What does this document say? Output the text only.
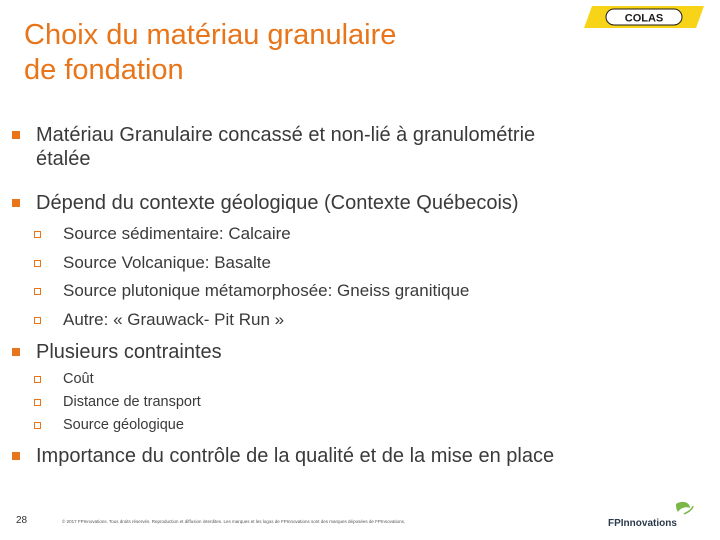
Choix du matériau granulaire
de fondation
COLAS
Matériau Granulaire concassé et non-lié à granulométrie
étalée
Dépend du contexte géologique (Contexte Québecois)
Source sédimentaire: Calcaire
Source Volcanique: Basalte
Source plutonique métamorphosée: Gneiss granitique
Autre: « Grauwack- Pit Run »
Plusieurs contraintes
Coût
Distance de transport
Source géologique
Importance du contrôle de la qualité et de la mise en place
28	© 2017 FPInnovations. Tous droits réservés. Reproduction et diffusion interdites. Les marques et les logos de FPInnovations sont des marques déposées de FPInnovations.	FPInnovations
